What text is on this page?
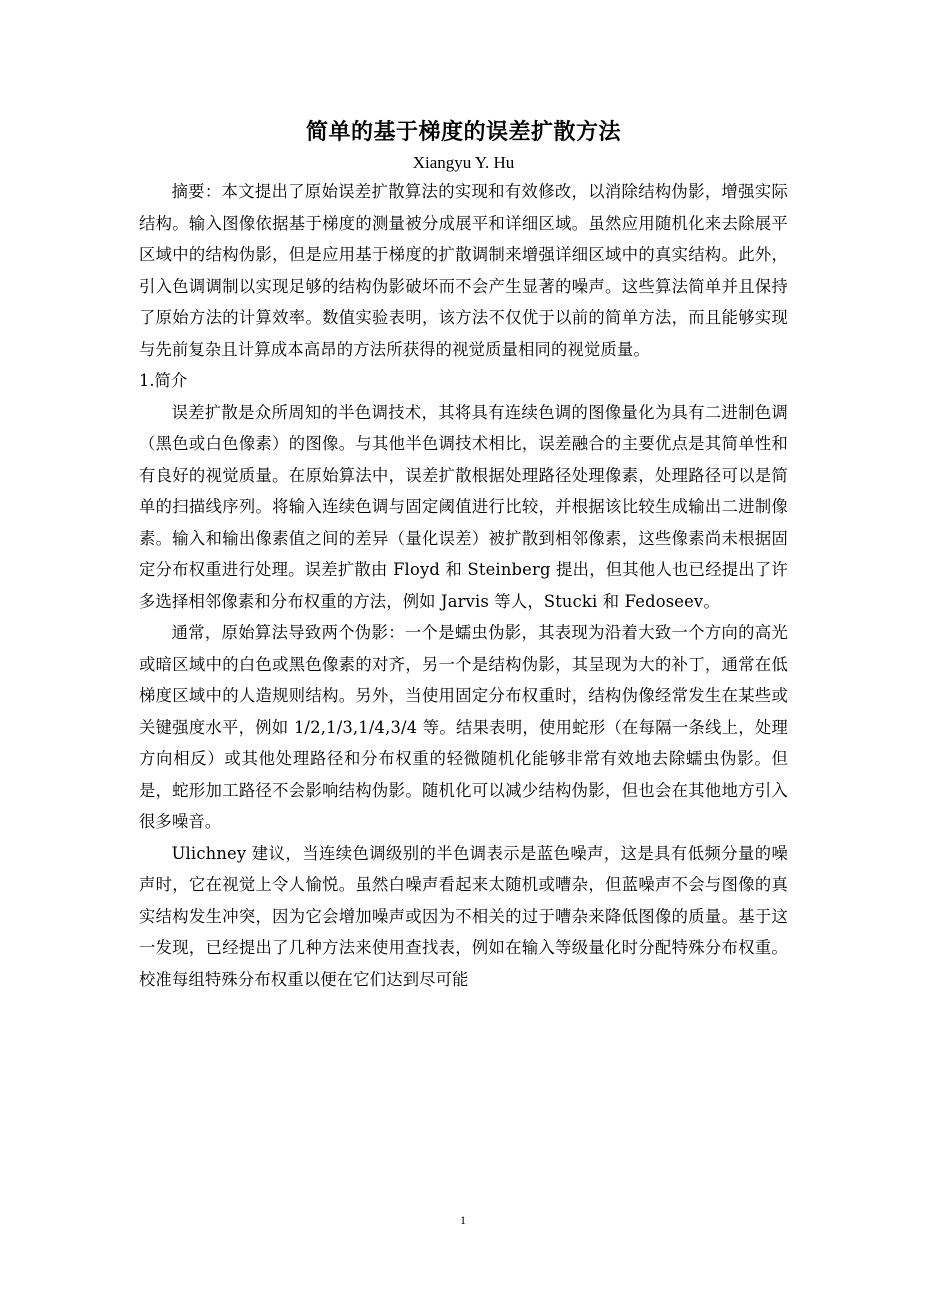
简单的基于梯度的误差扩散方法

Xiangyu Y. Hu

摘要：本文提出了原始误差扩散算法的实现和有效修改，以消除结构伪影，增强实际结构。输入图像依据基于梯度的测量被分成展平和详细区域。虽然应用随机化来去除展平区域中的结构伪影，但是应用基于梯度的扩散调制来增强详细区域中的真实结构。此外，引入色调调制以实现足够的结构伪影破坏而不会产生显著的噪声。这些算法简单并且保持了原始方法的计算效率。数值实验表明，该方法不仅优于以前的简单方法，而且能够实现与先前复杂且计算成本高昂的方法所获得的视觉质量相同的视觉质量。

1.简介

误差扩散是众所周知的半色调技术，其将具有连续色调的图像量化为具有二进制色调（黑色或白色像素）的图像。与其他半色调技术相比，误差融合的主要优点是其简单性和有良好的视觉质量。在原始算法中，误差扩散根据处理路径处理像素，处理路径可以是简单的扫描线序列。将输入连续色调与固定阈值进行比较，并根据该比较生成输出二进制像素。输入和输出像素值之间的差异（量化误差）被扩散到相邻像素，这些像素尚未根据固定分布权重进行处理。误差扩散由 Floyd 和 Steinberg 提出，但其他人也已经提出了许多选择相邻像素和分布权重的方法，例如 Jarvis 等人，Stucki 和 Fedoseev。

通常，原始算法导致两个伪影：一个是蠕虫伪影，其表现为沿着大致一个方向的高光或暗区域中的白色或黑色像素的对齐，另一个是结构伪影，其呈现为大的补丁，通常在低梯度区域中的人造规则结构。另外，当使用固定分布权重时，结构伪像经常发生在某些或关键强度水平，例如 1/2,1/3,1/4,3/4 等。结果表明，使用蛇形（在每隔一条线上，处理方向相反）或其他处理路径和分布权重的轻微随机化能够非常有效地去除蠕虫伪影。但是，蛇形加工路径不会影响结构伪影。随机化可以减少结构伪影，但也会在其他地方引入很多噪音。

Ulichney 建议，当连续色调级别的半色调表示是蓝色噪声，这是具有低频分量的噪声时，它在视觉上令人愉悦。虽然白噪声看起来太随机或嘈杂，但蓝噪声不会与图像的真实结构发生冲突，因为它会增加噪声或因为不相关的过于嘈杂来降低图像的质量。基于这一发现，已经提出了几种方法来使用查找表，例如在输入等级量化时分配特殊分布权重。校准每组特殊分布权重以便在它们达到尽可能

1
